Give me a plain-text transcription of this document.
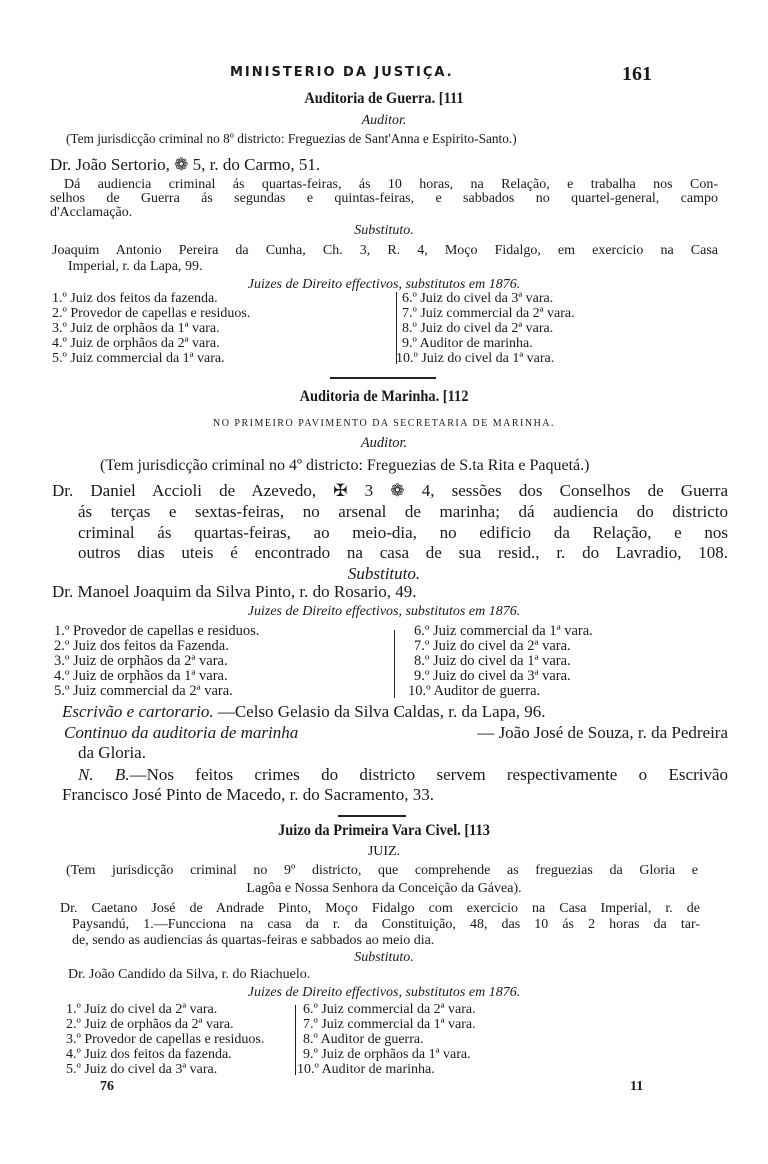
MINISTERIO DA JUSTIÇA.	161
Auditoria de Guerra. [111
Auditor.
(Tem jurisdicção criminal no 8º districto: Freguezias de Sant'Anna e Espirito-Santo.)
Dr. João Sertorio, ❁ 5, r. do Carmo, 51.
Dá audiencia criminal ás quartas-feiras, ás 10 horas, na Relação, e trabalha nos Con-
selhos de Guerra ás segundas e quintas-feiras, e sabbados no quartel-general, campo
d'Acclamação.
Substituto.
Joaquim Antonio Pereira da Cunha, Ch. 3, R. 4, Moço Fidalgo, em exercicio na Casa
Imperial, r. da Lapa, 99.
Juizes de Direito effectivos, substitutos em 1876.
1.º Juiz dos feitos da fazenda.
2.º Provedor de capellas e residuos.
3.º Juiz de orphãos da 1ª vara.
4.º Juiz de orphãos da 2ª vara.
5.º Juiz commercial da 1ª vara.
6.º Juiz do civel da 3ª vara.
7.º Juiz commercial da 2ª vara.
8.º Juiz do civel da 2ª vara.
9.º Auditor de marinha.
10.º Juiz do civel da 1ª vara.
Auditoria de Marinha. [112
NO PRIMEIRO PAVIMENTO DA SECRETARIA DE MARINHA.
Auditor.
(Tem jurisdicção criminal no 4º districto: Freguezias de S.ta Rita e Paquetá.)
Dr. Daniel Accioli de Azevedo, ✠ 3 ❁ 4, sessões dos Conselhos de Guerra
ás terças e sextas-feiras, no arsenal de marinha; dá audiencia do districto
criminal ás quartas-feiras, ao meio-dia, no edificio da Relação, e nos
outros dias uteis é encontrado na casa de sua resid., r. do Lavradio, 108.
Substituto.
Dr. Manoel Joaquim da Silva Pinto, r. do Rosario, 49.
Juizes de Direito effectivos, substitutos em 1876.
1.º Provedor de capellas e residuos.
2.º Juiz dos feitos da Fazenda.
3.º Juiz de orphãos da 2ª vara.
4.º Juiz de orphãos da 1ª vara.
5.º Juiz commercial da 2ª vara.
6.º Juiz commercial da 1ª vara.
7.º Juiz do civel da 2ª vara.
8.º Juiz do civel da 1ª vara.
9.º Juiz do civel da 3ª vara.
10.º Auditor de guerra.
Escrivão e cartorario. —Celso Gelasio da Silva Caldas, r. da Lapa, 96.
Continuo da auditoria de marinha	— João José de Souza, r. da Pedreira
da Gloria.
N. B.—Nos feitos crimes do districto servem respectivamente o Escrivão
Francisco José Pinto de Macedo, r. do Sacramento, 33.
Juizo da Primeira Vara Civel. [113
JUIZ.
(Tem jurisdicção criminal no 9º districto, que comprehende as freguezias da Gloria e
Lagôa e Nossa Senhora da Conceição da Gávea).
Dr. Caetano José de Andrade Pinto, Moço Fidalgo com exercicio na Casa Imperial, r. de
Paysandú, 1.—Funcciona na casa da r. da Constituição, 48, das 10 ás 2 horas da tar-
de, sendo as audiencias ás quartas-feiras e sabbados ao meio dia.
Substituto.
Dr. João Candido da Silva, r. do Riachuelo.
Juizes de Direito effectivos, substitutos em 1876.
1.º Juiz do civel da 2ª vara.
2.º Juiz de orphãos da 2ª vara.
3.º Provedor de capellas e residuos.
4.º Juiz dos feitos da fazenda.
5.º Juiz do civel da 3ª vara.
6.º Juiz commercial da 2ª vara.
7.º Juiz commercial da 1ª vara.
8.º Auditor de guerra.
9.º Juiz de orphãos da 1ª vara.
10.º Auditor de marinha.
76	11
